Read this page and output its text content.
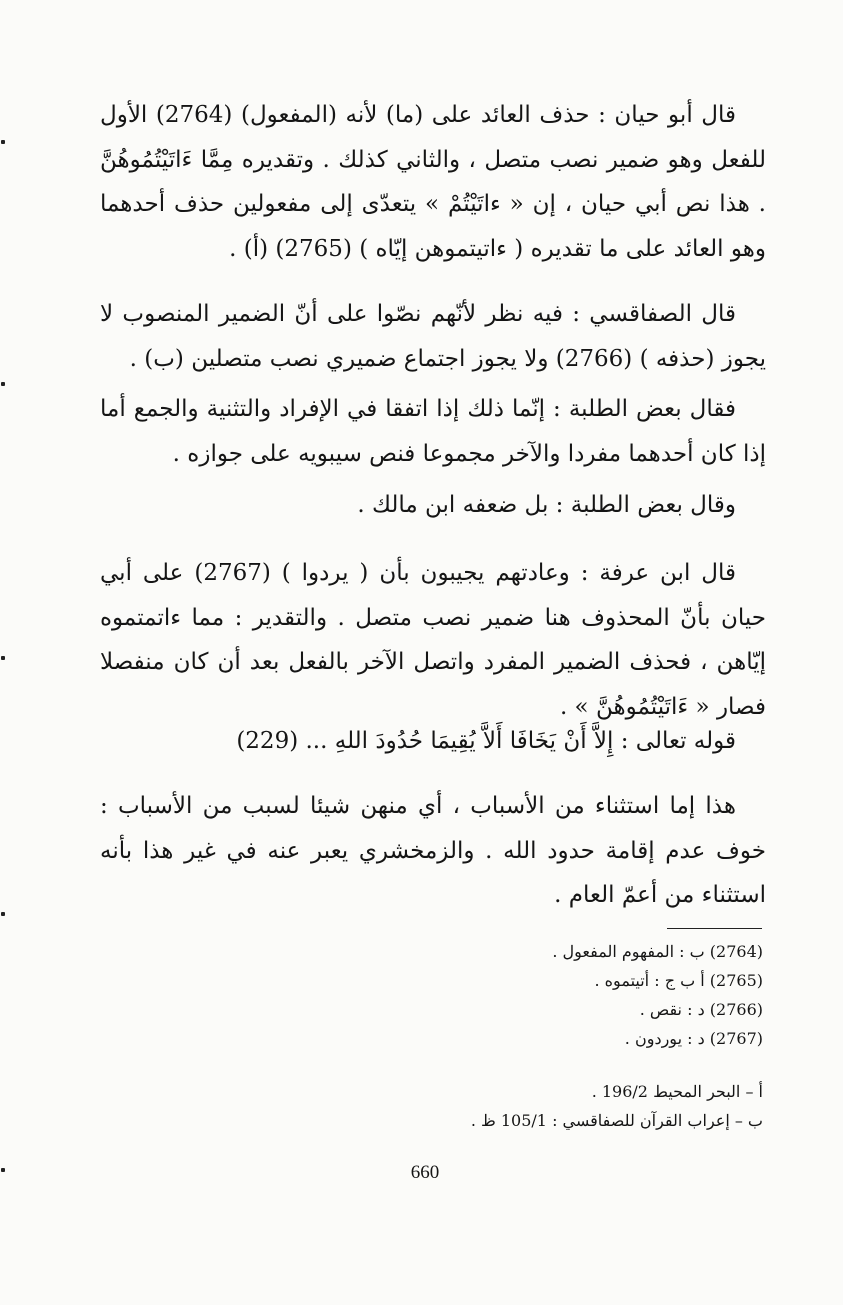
قال أبو حيان : حذف العائد على (ما) لأنه (المفعول) (2764) الأول للفعل وهو ضمير نصب متصل ، والثاني كذلك . وتقديره مِمَّا ءَاتَيْتُمُوهُنَّ . هذا نص أبي حيان ، إن « ءاتَيْتُمْ » يتعدّى إلى مفعولين حذف أحدهما وهو العائد على ما تقديره ( ءاتيتموهن إيّاه ) (2765) (أ) .

قال الصفاقسي : فيه نظر لأنّهم نصّوا على أنّ الضمير المنصوب لا يجوز (حذفه ) (2766) ولا يجوز اجتماع ضميري نصب متصلين (ب) .

فقال بعض الطلبة : إنّما ذلك إذا اتفقا في الإفراد والتثنية والجمع أما إذا كان أحدهما مفردا والآخر مجموعا فنص سيبويه على جوازه .

وقال بعض الطلبة : بل ضعفه ابن مالك .

قال ابن عرفة : وعادتهم يجيبون بأن ( يردوا ) (2767) على أبي حيان بأنّ المحذوف هنا ضمير نصب متصل . والتقدير : مما ءاتمتموه إيّاهن ، فحذف الضمير المفرد واتصل الآخر بالفعل بعد أن كان منفصلا فصار « ءَاتَيْتُمُوهُنَّ » .

قوله تعالى : إِلاَّ أَنْ يَخَافَا أَلاَّ يُقِيمَا حُدُودَ اللهِ ... (229)

هذا إما استثناء من الأسباب ، أي منهن شيئا لسبب من الأسباب : خوف عدم إقامة حدود الله . والزمخشري يعبر عنه في غير هذا بأنه استثناء من أعمّ العام .

(2764) ب : المفهوم المفعول .
(2765) أ ب ج : أتيتموه .
(2766) د : نقص .
(2767) د : يوردون .
أ – البحر المحيط 196/2 .
ب – إعراب القرآن للصفاقسي : 105/1 ظ .
660
